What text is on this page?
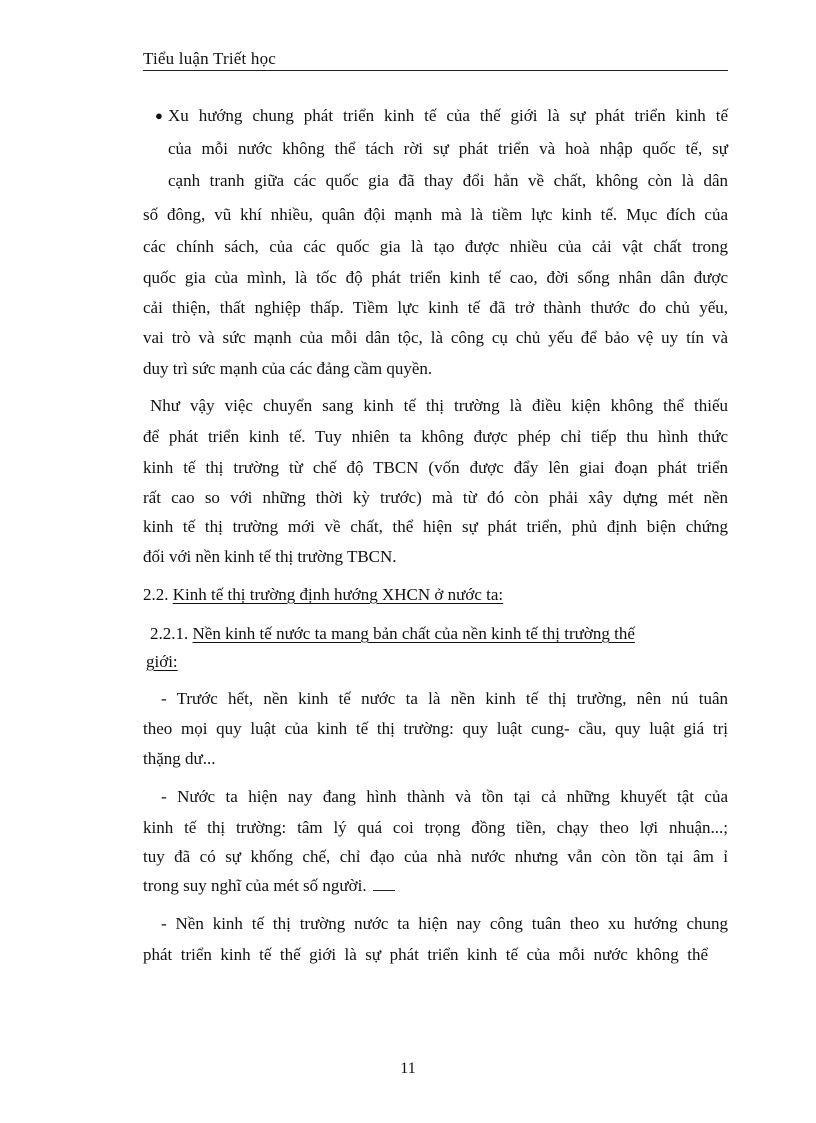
Tiểu luận Triết học
● Xu hướng chung phát triển kinh tế của thế giới là sự phát triển kinh tế
của mỗi nước không thể tách rời sự phát triển và hoà nhập quốc tế, sự
cạnh tranh giữa các quốc gia đã thay đổi hẳn về chất, không còn là dân
số đông, vũ khí nhiều, quân đội mạnh mà là tiềm lực kinh tế. Mục đích của
các chính sách, của các quốc gia là tạo được nhiều của cải vật chất trong
quốc gia của mình, là tốc độ phát triển kinh tế cao, đời sống nhân dân được
cải thiện, thất nghiệp thấp. Tiềm lực kinh tế đã trở thành thước đo chủ yếu,
vai trò và sức mạnh của mỗi dân tộc, là công cụ chủ yếu để bảo vệ uy tín và
duy trì sức mạnh của các đảng cầm quyền.
Như vậy việc chuyển sang kinh tế thị trường là điều kiện không thể thiếu
để phát triển kinh tế. Tuy nhiên ta không được phép chỉ tiếp thu hình thức
kinh tế thị trường từ chế độ TBCN (vốn được đẩy lên giai đoạn phát triển
rất cao so với những thời kỳ trước) mà từ đó còn phải xây dựng mét nền
kinh tế thị trường mới về chất, thể hiện sự phát triển, phủ định biện chứng
đối với nền kinh tế thị trường TBCN.
2.2. Kinh tế thị trường định hướng XHCN ở nước ta:
2.2.1. Nền kinh tế nước ta mang bản chất của nền kinh tế thị trường thế
giới:
- Trước hết, nền kinh tế nước ta là nền kinh tế thị trường, nên nú tuân
theo mọi quy luật của kinh tế thị trường: quy luật cung- cầu, quy luật giá trị
thặng dư...
- Nước ta hiện nay đang hình thành và tồn tại cả những khuyết tật của
kinh tế thị trường: tâm lý quá coi trọng đồng tiền, chạy theo lợi nhuận...;
tuy đã có sự khống chế, chỉ đạo của nhà nước nhưng vẫn còn tồn tại âm ỉ
trong suy nghĩ của mét số người.
- Nền kinh tế thị trường nước ta hiện nay công tuân theo xu hướng chung
phát triển kinh tế thế giới là sự phát triển kinh tế của mỗi nước không thể
11
